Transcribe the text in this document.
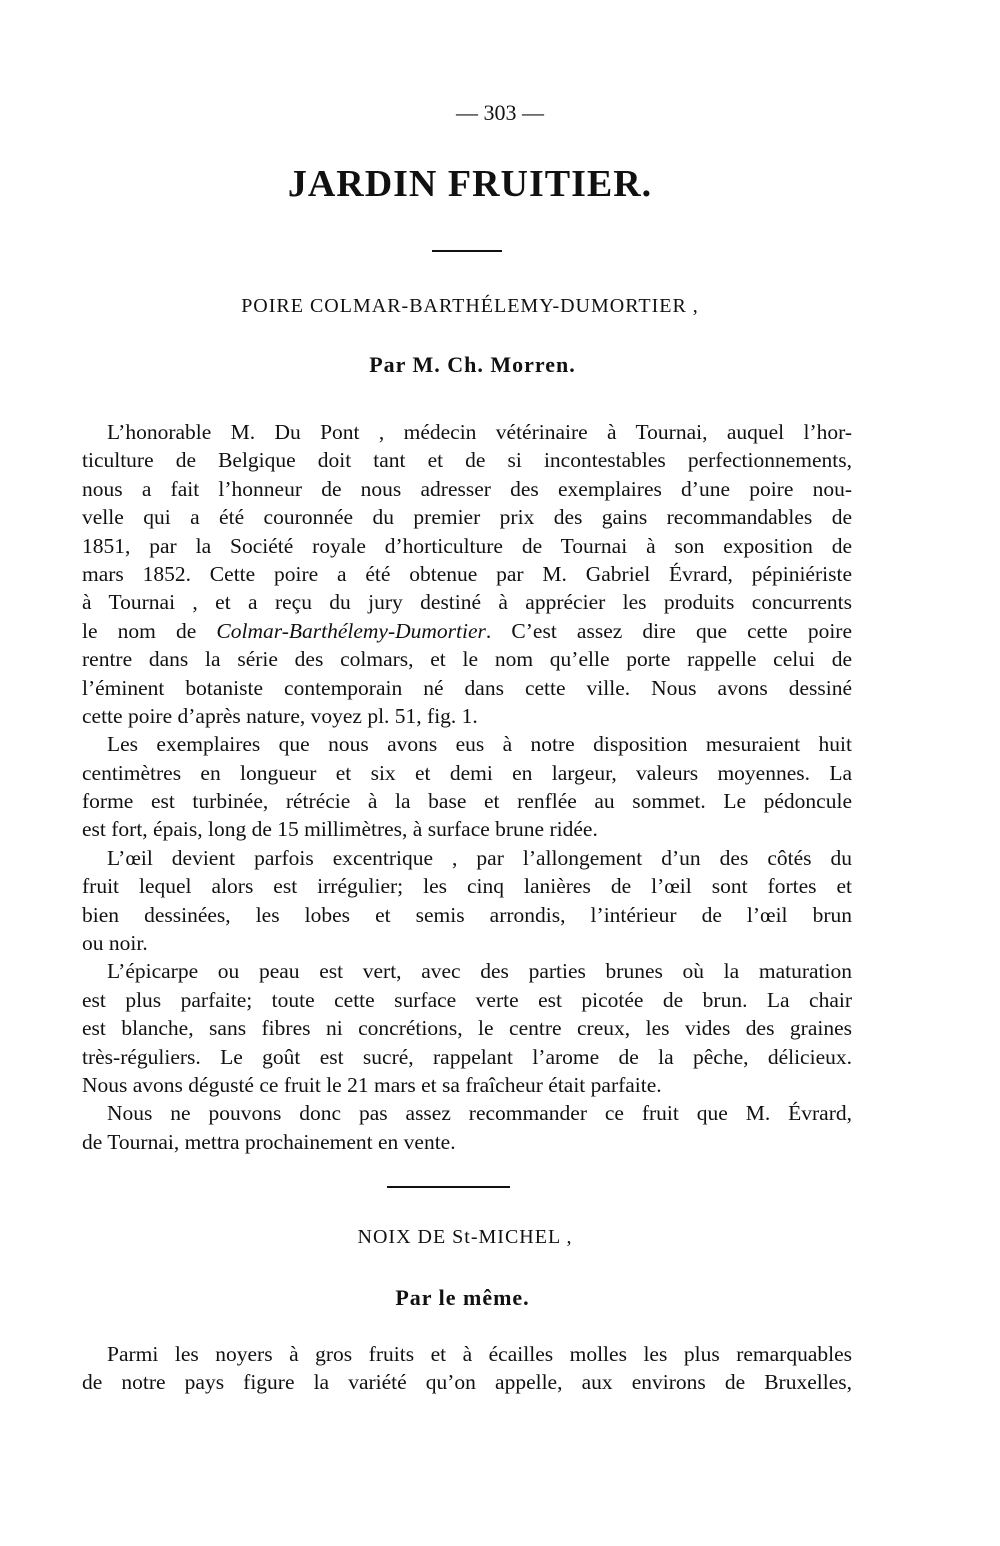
— 303 —
JARDIN FRUITIER.
POIRE COLMAR-BARTHÉLEMY-DUMORTIER ,
Par M. Ch. Morren.
L’honorable M. Du Pont , médecin vétérinaire à Tournai, auquel l’hor-
ticulture de Belgique doit tant et de si incontestables perfectionnements,
nous a fait l’honneur de nous adresser des exemplaires d’une poire nou-
velle qui a été couronnée du premier prix des gains recommandables de
1851, par la Société royale d’horticulture de Tournai à son exposition de
mars 1852. Cette poire a été obtenue par M. Gabriel Évrard, pépiniériste
à Tournai , et a reçu du jury destiné à apprécier les produits concurrents
le nom de Colmar-Barthélemy-Dumortier. C’est assez dire que cette poire
rentre dans la série des colmars, et le nom qu’elle porte rappelle celui de
l’éminent botaniste contemporain né dans cette ville. Nous avons dessiné
cette poire d’après nature, voyez pl. 51, fig. 1.
Les exemplaires que nous avons eus à notre disposition mesuraient huit
centimètres en longueur et six et demi en largeur, valeurs moyennes. La
forme est turbinée, rétrécie à la base et renflée au sommet. Le pédoncule
est fort, épais, long de 15 millimètres, à surface brune ridée.
L’œil devient parfois excentrique , par l’allongement d’un des côtés du
fruit lequel alors est irrégulier; les cinq lanières de l’œil sont fortes et
bien dessinées, les lobes et semis arrondis, l’intérieur de l’œil brun
ou noir.
L’épicarpe ou peau est vert, avec des parties brunes où la maturation
est plus parfaite; toute cette surface verte est picotée de brun. La chair
est blanche, sans fibres ni concrétions, le centre creux, les vides des graines
très-réguliers. Le goût est sucré, rappelant l’arome de la pêche, délicieux.
Nous avons dégusté ce fruit le 21 mars et sa fraîcheur était parfaite.
Nous ne pouvons donc pas assez recommander ce fruit que M. Évrard,
de Tournai, mettra prochainement en vente.
NOIX DE St-MICHEL ,
Par le même.
Parmi les noyers à gros fruits et à écailles molles les plus remarquables
de notre pays figure la variété qu’on appelle, aux environs de Bruxelles,
